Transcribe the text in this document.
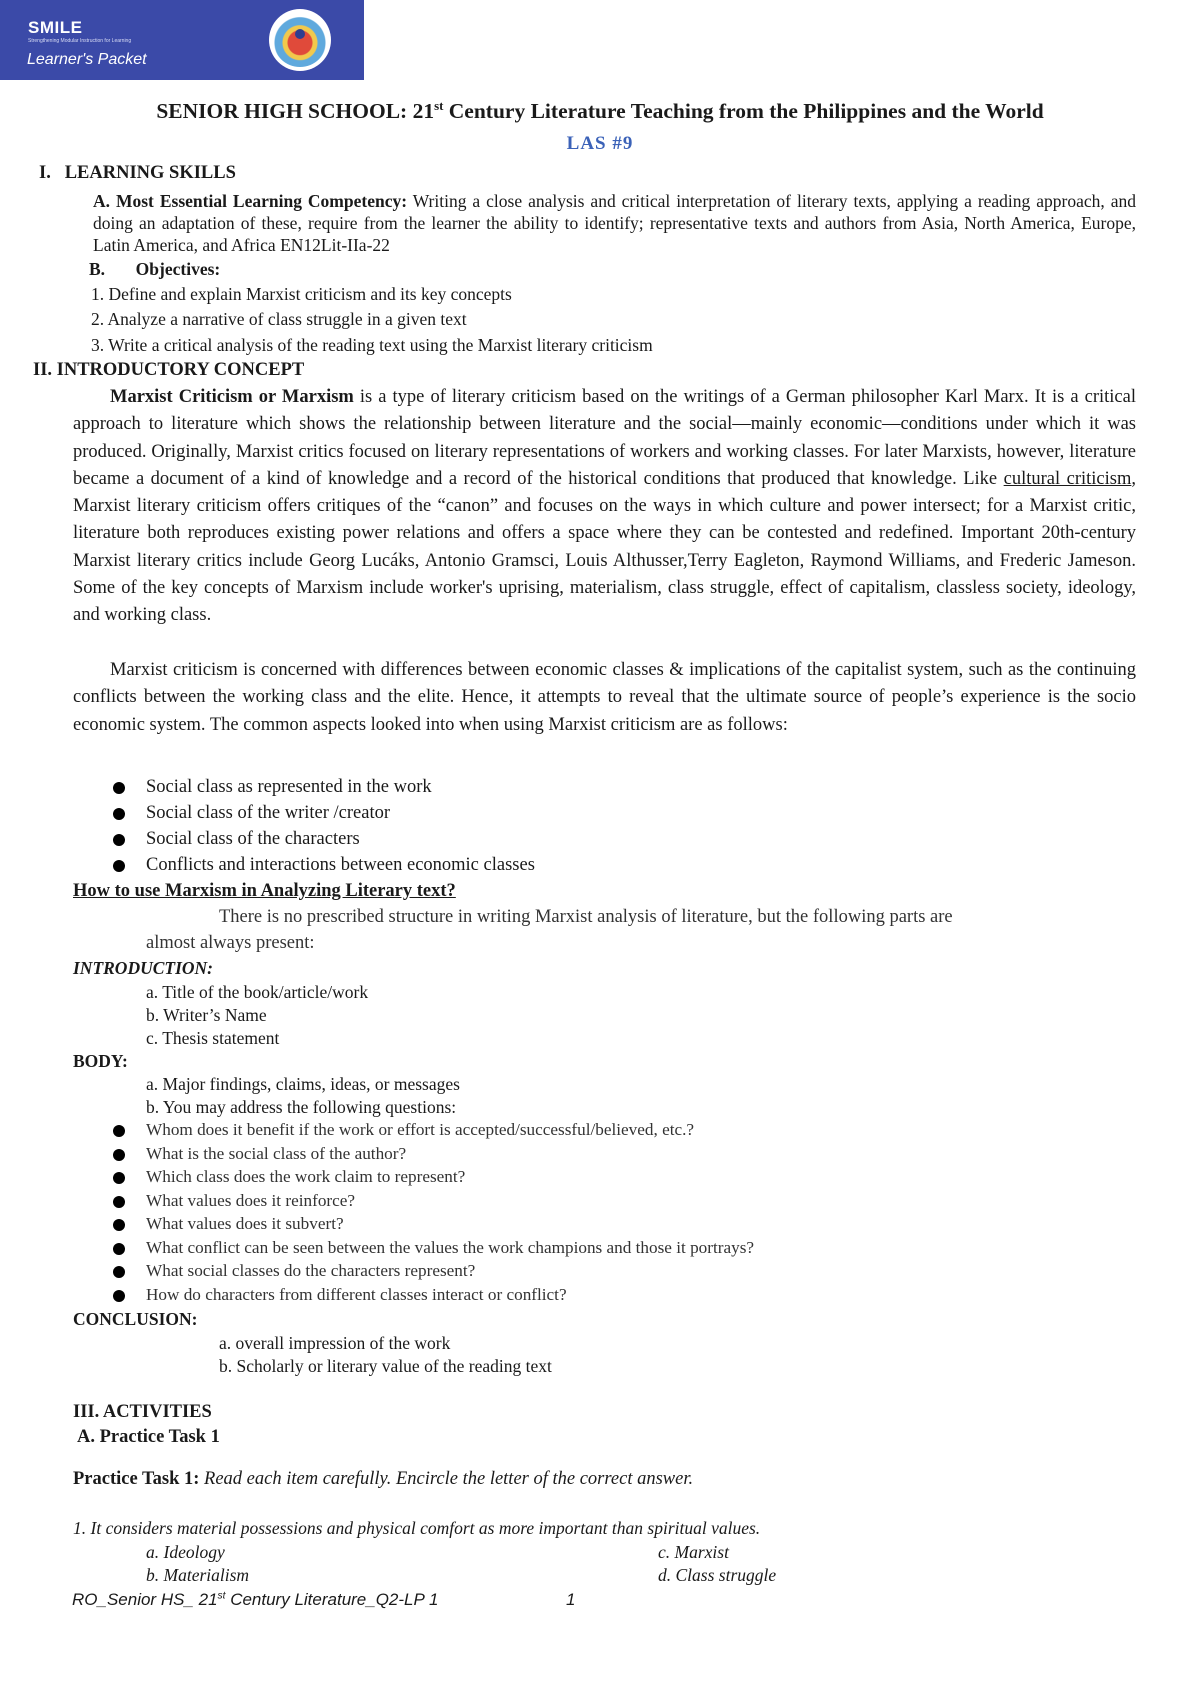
SMILE
Strengthening Modular Instruction for Learning
Learner's Packet
SENIOR HIGH SCHOOL: 21st Century Literature Teaching from the Philippines and the World
LAS #9
I.   LEARNING SKILLS
A. Most Essential Learning Competency: Writing a close analysis and critical interpretation of literary texts, applying a reading approach, and doing an adaptation of these, require from the learner the ability to identify; representative texts and authors from Asia, North America, Europe, Latin America, and Africa EN12Lit-IIa-22
B.       Objectives:
1. Define and explain Marxist criticism and its key concepts
2. Analyze a narrative of class struggle in a given text
3. Write a critical analysis of the reading text using the Marxist literary criticism
II. INTRODUCTORY CONCEPT

Marxist Criticism or Marxism is a type of literary criticism based on the writings of a German philosopher Karl Marx. It is a critical approach to literature which shows the relationship between literature and the social—mainly economic—conditions under which it was produced. Originally, Marxist critics focused on literary representations of workers and working classes. For later Marxists, however, literature became a document of a kind of knowledge and a record of the historical conditions that produced that knowledge. Like cultural criticism, Marxist literary criticism offers critiques of the “canon” and focuses on the ways in which culture and power intersect; for a Marxist critic, literature both reproduces existing power relations and offers a space where they can be contested and redefined. Important 20th-century Marxist literary critics include Georg Lucáks, Antonio Gramsci, Louis Althusser,Terry Eagleton, Raymond Williams, and Frederic Jameson. Some of the key concepts of Marxism include worker's uprising, materialism, class struggle, effect of capitalism, classless society, ideology, and working class.

Marxist criticism is concerned with differences between economic classes & implications of the capitalist system, such as the continuing conflicts between the working class and the elite. Hence, it attempts to reveal that the ultimate source of people’s experience is the socio economic system. The common aspects looked into when using Marxist criticism are as follows:

Social class as represented in the work
Social class of the writer /creator
Social class of the characters
Conflicts and interactions between economic classes
How to use Marxism in Analyzing Literary text?
There is no prescribed structure in writing Marxist analysis of literature, but the following parts are
almost always present:
INTRODUCTION:
a. Title of the book/article/work
b. Writer’s Name
c. Thesis statement
BODY:
a. Major findings, claims, ideas, or messages
b. You may address the following questions:
Whom does it benefit if the work or effort is accepted/successful/believed, etc.?
What is the social class of the author?
Which class does the work claim to represent?
What values does it reinforce?
What values does it subvert?
What conflict can be seen between the values the work champions and those it portrays?
What social classes do the characters represent?
How do characters from different classes interact or conflict?
CONCLUSION:
a. overall impression of the work
b. Scholarly or literary value of the reading text
III. ACTIVITIES
A. Practice Task 1
Practice Task 1: Read each item carefully. Encircle the letter of the correct answer.
1. It considers material possessions and physical comfort as more important than spiritual values.
a. Ideology
b. Materialism
c. Marxist
d. Class struggle
RO_Senior HS_ 21st Century Literature_Q2-LP 1	1
